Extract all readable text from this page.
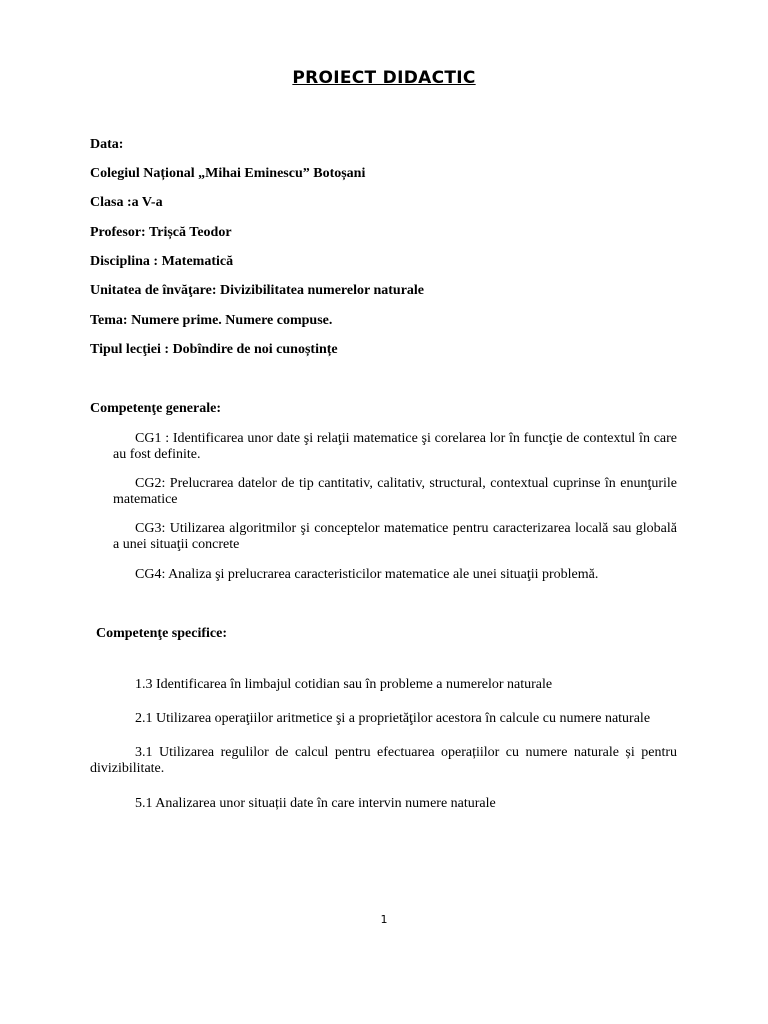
PROIECT DIDACTIC
Data:
Colegiul Național „Mihai Eminescu” Botoșani
Clasa :a V-a
Profesor: Trișcă Teodor
Disciplina : Matematică
Unitatea de învăţare: Divizibilitatea numerelor naturale
Tema: Numere prime. Numere compuse.
Tipul lecţiei : Dobîndire de noi cunoștințe
Competenţe generale:
CG1 : Identificarea unor date şi relaţii matematice şi corelarea lor în funcţie de contextul în care au fost definite.
CG2: Prelucrarea datelor de tip cantitativ, calitativ, structural, contextual cuprinse în enunţurile matematice
CG3: Utilizarea algoritmilor şi conceptelor matematice pentru caracterizarea locală sau globală a unei situaţii concrete
CG4: Analiza şi prelucrarea caracteristicilor matematice ale unei situaţii problemă.
Competenţe specifice:
1.3 Identificarea în limbajul cotidian sau în probleme a numerelor naturale
2.1 Utilizarea operaţiilor aritmetice şi a proprietăţilor acestora în calcule cu numere naturale
3.1 Utilizarea regulilor de calcul pentru efectuarea operațiilor cu numere naturale și pentru divizibilitate.
5.1 Analizarea unor situații date în care intervin numere naturale
1
